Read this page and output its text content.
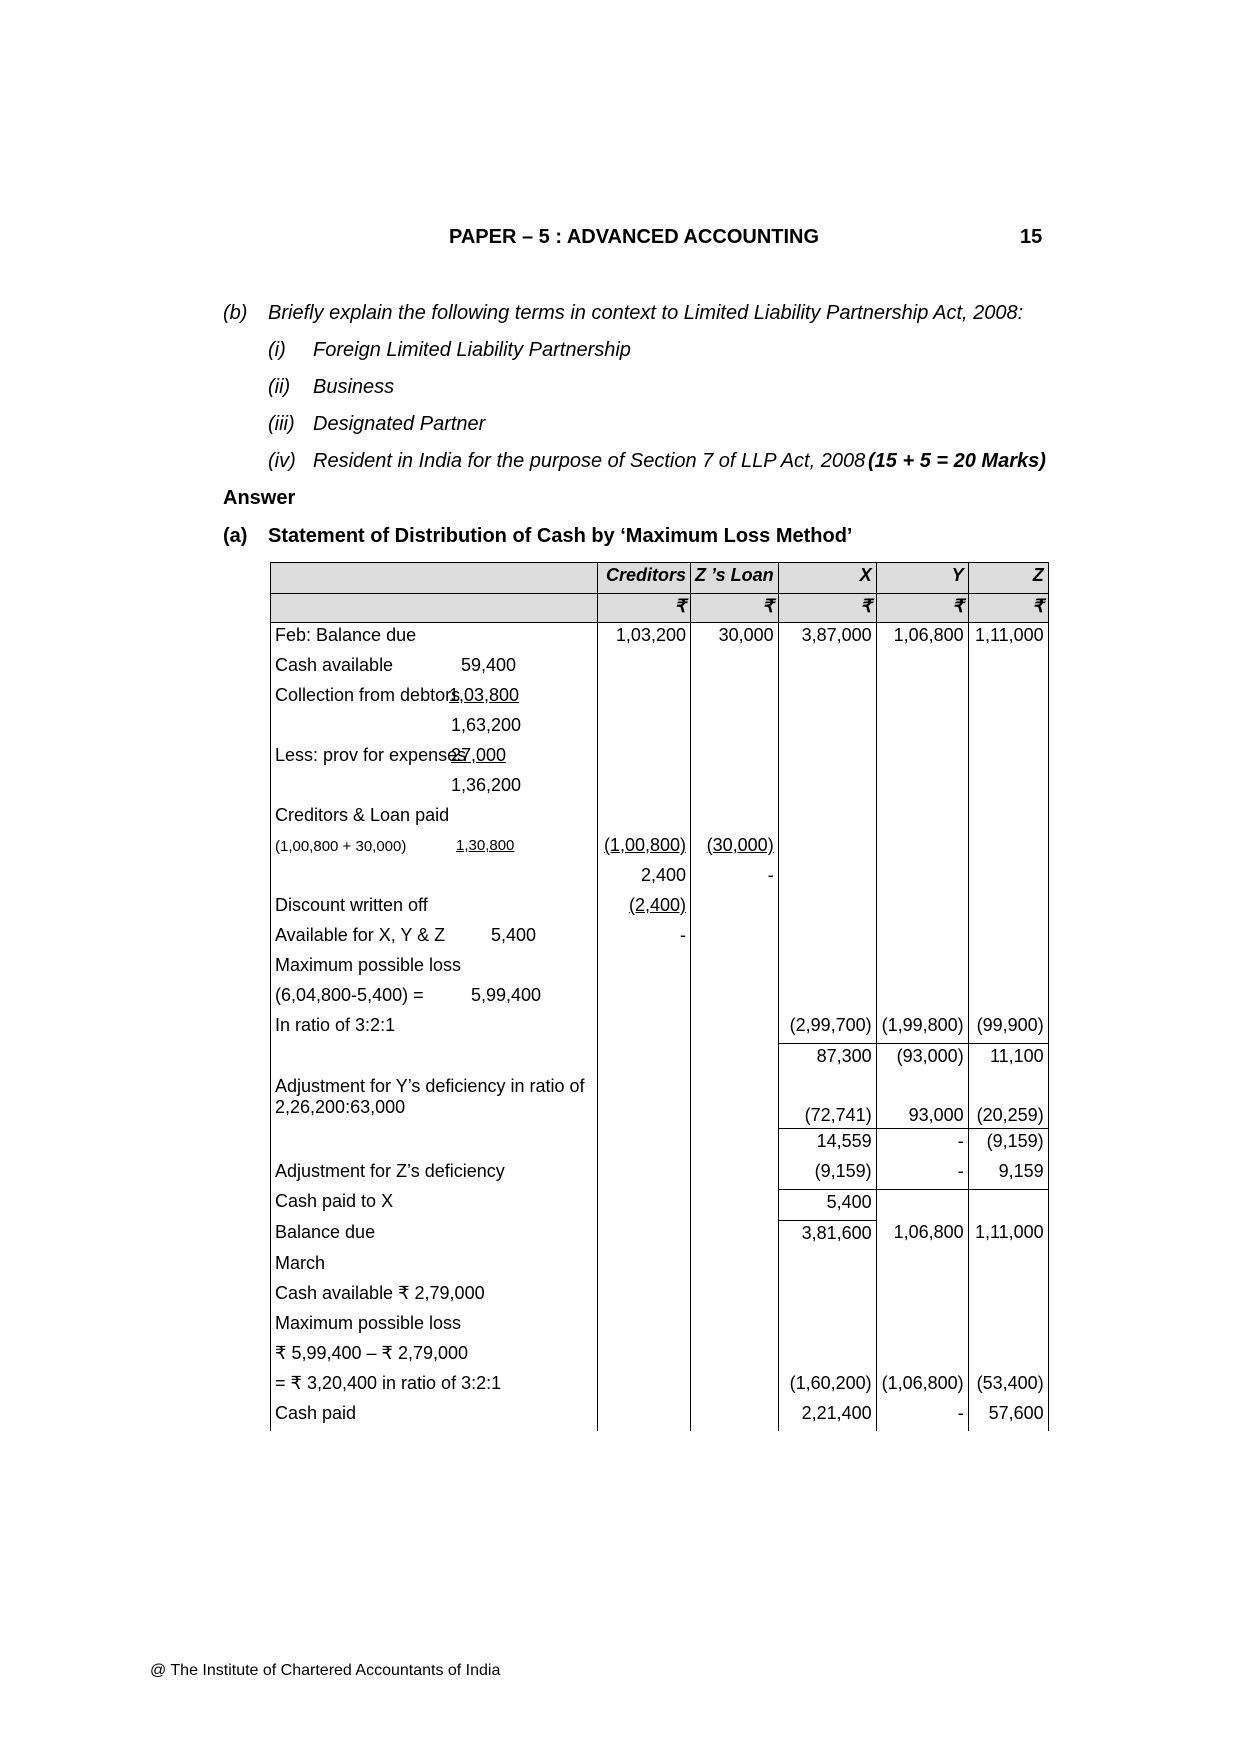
PAPER – 5 : ADVANCED ACCOUNTING	15
(b) Briefly explain the following terms in context to Limited Liability Partnership Act, 2008:
(i) Foreign Limited Liability Partnership
(ii) Business
(iii) Designated Partner
(iv) Resident in India for the purpose of Section 7 of LLP Act, 2008 (15 + 5 = 20 Marks)
Answer
(a) Statement of Distribution of Cash by ‘Maximum Loss Method’
	Creditors	Z ’s Loan	X	Y	Z
	₹	₹	₹	₹	₹
Feb: Balance due	1,03,200	30,000	3,87,000	1,06,800	1,11,000
Cash available 59,400					

Collection from debtors
1,03,800					

1,63,200					

Less: prov for expenses
27,000					

1,36,200					

Creditors & Loan paid					
(1,00,800 + 30,000) 1,30,800	(1,00,800)	(30,000)			
	2,400	-			
Discount written off	(2,400)				
Available for X, Y & Z 5,400	-				
Maximum possible loss					
(6,04,800-5,400) = 5,99,400					

In ratio of 3:2:1			(2,99,700)	(1,99,800)	(99,900)
			87,300	(93,000)	11,100
Adjustment for Y’s deficiency in ratio of
2,26,200:63,000			(72,741)	93,000	(20,259)
			14,559	-	(9,159)
Adjustment for Z’s deficiency			(9,159)	-	9,159
Cash paid to X			5,400		
Balance due			3,81,600	1,06,800	1,11,000
March					
Cash available ₹ 2,79,000					
Maximum possible loss					
₹ 5,99,400 – ₹ 2,79,000					
= ₹ 3,20,400 in ratio of 3:2:1			(1,60,200)	(1,06,800)	(53,400)
Cash paid			2,21,400	-	57,600
@ The Institute of Chartered Accountants of India
